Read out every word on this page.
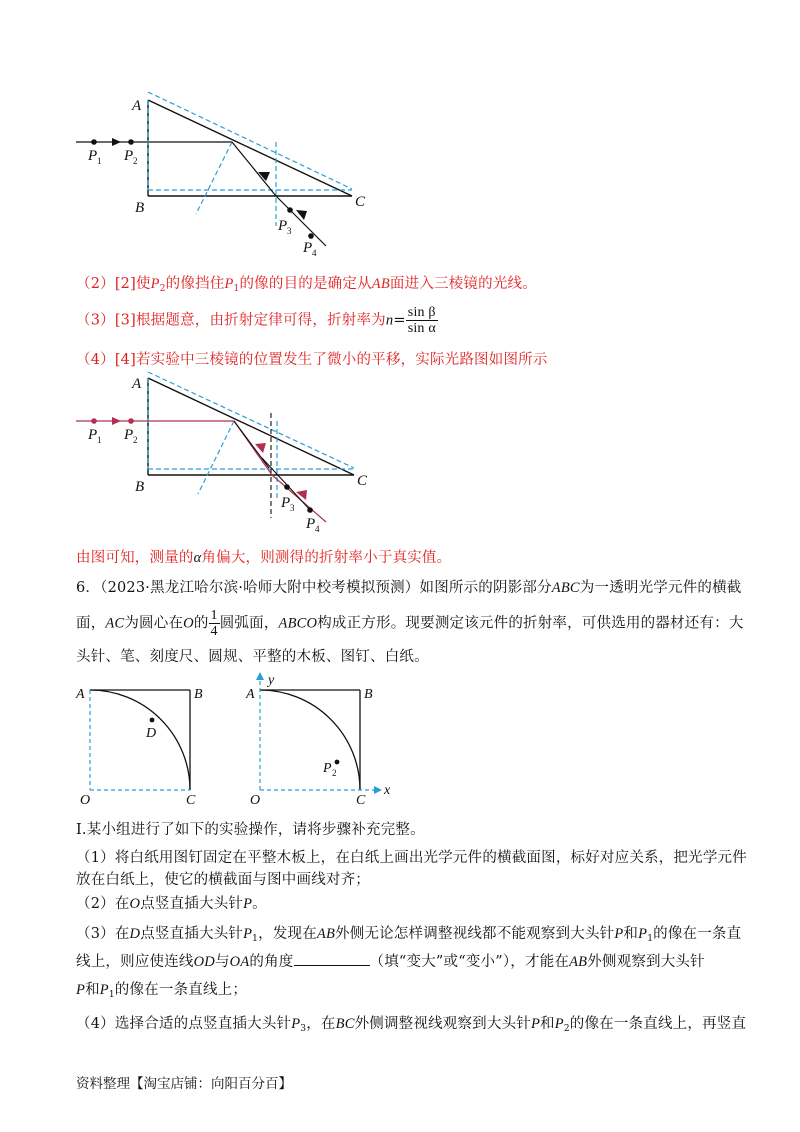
A
B	C
P 1 P 2
P 3
P 4
（2）[2]使$P_2$的像挡住$P_1$的像的目的是确定从AB面进入三棱镜的光线。
（3）[3]根据题意，由折射定律可得，折射率为$n= \frac{\text{sin β}}{\text{sin α}}$
（4）[4]若实验中三棱镜的位置发生了微小的平移，实际光路图如图所示
A
B	C
P 1 P 2
P 3
P 4
由图可知，测量的α角偏大，则测得的折射率小于真实值。
6．（2023·黑龙江哈尔滨·哈师大附中校考模拟预测）如图所示的阴影部分ABC为一透明光学元件的横截
面，AC为圆心在O的 $\frac{1}{4}$ 圆弧面，ABCO构成正方形。现要测定该元件的折射率，可供选用的器材还有：大
头针、笔、刻度尺、圆规、平整的木板、图钉、白纸。
A	B
D
O	C
A	B
y
x
P 2
O	C
I.某小组进行了如下的实验操作，请将步骤补充完整。
（1）将白纸用图钉固定在平整木板上，在白纸上画出光学元件的横截面图，标好对应关系，把光学元件
放在白纸上，使它的横截面与图中画线对齐；
（2）在O点竖直插大头针P。
（3）在D点竖直插大头针$P_1$，发现在AB外侧无论怎样调整视线都不能观察到大头针P和$P_1$的像在一条直
线上，则应使连线OD与OA的角度	（填“变大”或“变小”），才能在AB外侧观察到大头针
P和$P_1$的像在一条直线上；
（4）选择合适的点竖直插大头针$P_3$，在BC外侧调整视线观察到大头针P和$P_2$的像在一条直线上，再竖直
资料整理【淘宝店铺：向阳百分百】
